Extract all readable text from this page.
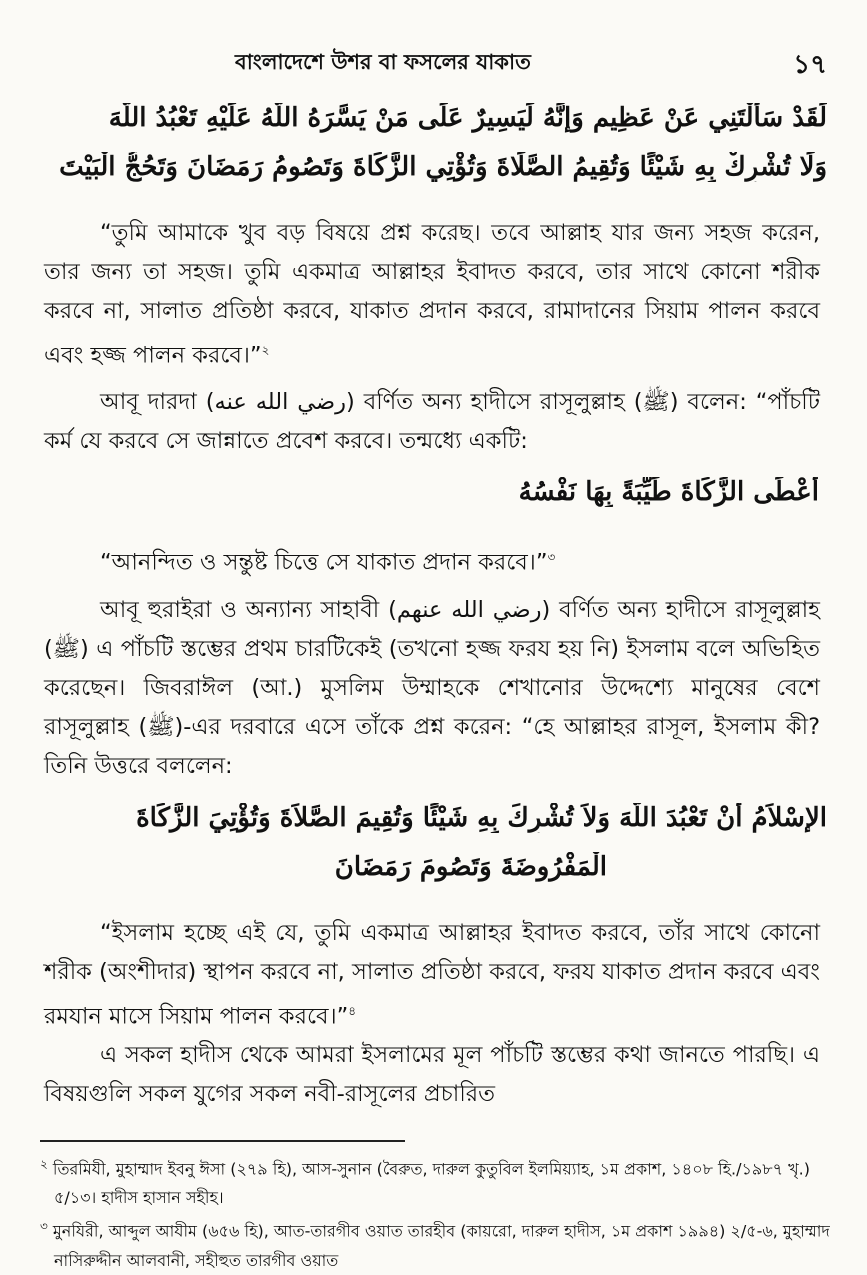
বাংলাদেশে উশর বা ফসলের যাকাত	১৭
لَقَدْ سَأَلْتَنِي عَنْ عَظِيمٍ وَإِنَّهُ لَيَسِيرٌ عَلَى مَنْ يَسَّرَهُ اللَّهُ عَلَيْهِ تَعْبُدُ اللَّهَ
وَلَا تُشْرِكْ بِهِ شَيْئًا وَتُقِيمُ الصَّلَاةَ وَتُؤْتِي الزَّكَاةَ وَتَصُومُ رَمَضَانَ وَتَحُجُّ الْبَيْتَ
“তুমি আমাকে খুব বড় বিষয়ে প্রশ্ন করেছ। তবে আল্লাহ যার জন্য সহজ করেন, তার জন্য তা সহজ। তুমি একমাত্র আল্লাহর ইবাদত করবে, তার সাথে কোনো শরীক করবে না, সালাত প্রতিষ্ঠা করবে, যাকাত প্রদান করবে, রামাদানের সিয়াম পালন করবে এবং হজ্জ পালন করবে।”$^২$
আবূ দারদা (رضي الله عنه) বর্ণিত অন্য হাদীসে রাসূলুল্লাহ (ﷺ) বলেন: “পাঁচটি কর্ম যে করবে সে জান্নাতে প্রবেশ করবে। তন্মধ্যে একটি:
أَعْطَى الزَّكَاةَ طَيِّبَةً بِهَا نَفْسُهُ
“আনন্দিত ও সন্তুষ্ট চিত্তে সে যাকাত প্রদান করবে।”$^৩$
আবূ হুরাইরা ও অন্যান্য সাহাবী (رضي الله عنهم) বর্ণিত অন্য হাদীসে রাসূলুল্লাহ (ﷺ) এ পাঁচটি স্তম্ভের প্রথম চারটিকেই (তখনো হজ্জ ফরয হয় নি) ইসলাম বলে অভিহিত করেছেন। জিবরাঈল (আ.) মুসলিম উম্মাহকে শেখানোর উদ্দেশ্যে মানুষের বেশে রাসূলুল্লাহ (ﷺ)-এর দরবারে এসে তাঁকে প্রশ্ন করেন: “হে আল্লাহর রাসূল, ইসলাম কী? তিনি উত্তরে বললেন:
الإِسْلاَمُ أَنْ تَعْبُدَ اللَّهَ وَلاَ تُشْرِكَ بِهِ شَيْئًا وَتُقِيمَ الصَّلاَةَ وَتُؤْتِيَ الزَّكَاةَ
الْمَفْرُوضَةَ وَتَصُومَ رَمَضَانَ
“ইসলাম হচ্ছে এই যে, তুমি একমাত্র আল্লাহর ইবাদত করবে, তাঁর সাথে কোনো শরীক (অংশীদার) স্থাপন করবে না, সালাত প্রতিষ্ঠা করবে, ফরয যাকাত প্রদান করবে এবং রমযান মাসে সিয়াম পালন করবে।”$^৪$
এ সকল হাদীস থেকে আমরা ইসলামের মূল পাঁচটি স্তম্ভের কথা জানতে পারছি। এ বিষয়গুলি সকল যুগের সকল নবী-রাসূলের প্রচারিত
$^২$ তিরমিযী, মুহাম্মাদ ইবনু ঈসা (২৭৯ হি), আস-সুনান (বৈরুত, দারুল কুতুবিল ইলমিয়্যাহ, ১ম প্রকাশ, ১৪০৮ হি./১৯৮৭ খৃ.) ৫/১৩। হাদীস হাসান সহীহ।
$^৩$ মুনযিরী, আব্দুল আযীম (৬৫৬ হি), আত-তারগীব ওয়াত তারহীব (কায়রো, দারুল হাদীস, ১ম প্রকাশ ১৯৯৪) ২/৫-৬, মুহাম্মাদ নাসিরুদ্দীন আলবানী, সহীহুত তারগীব ওয়াত
